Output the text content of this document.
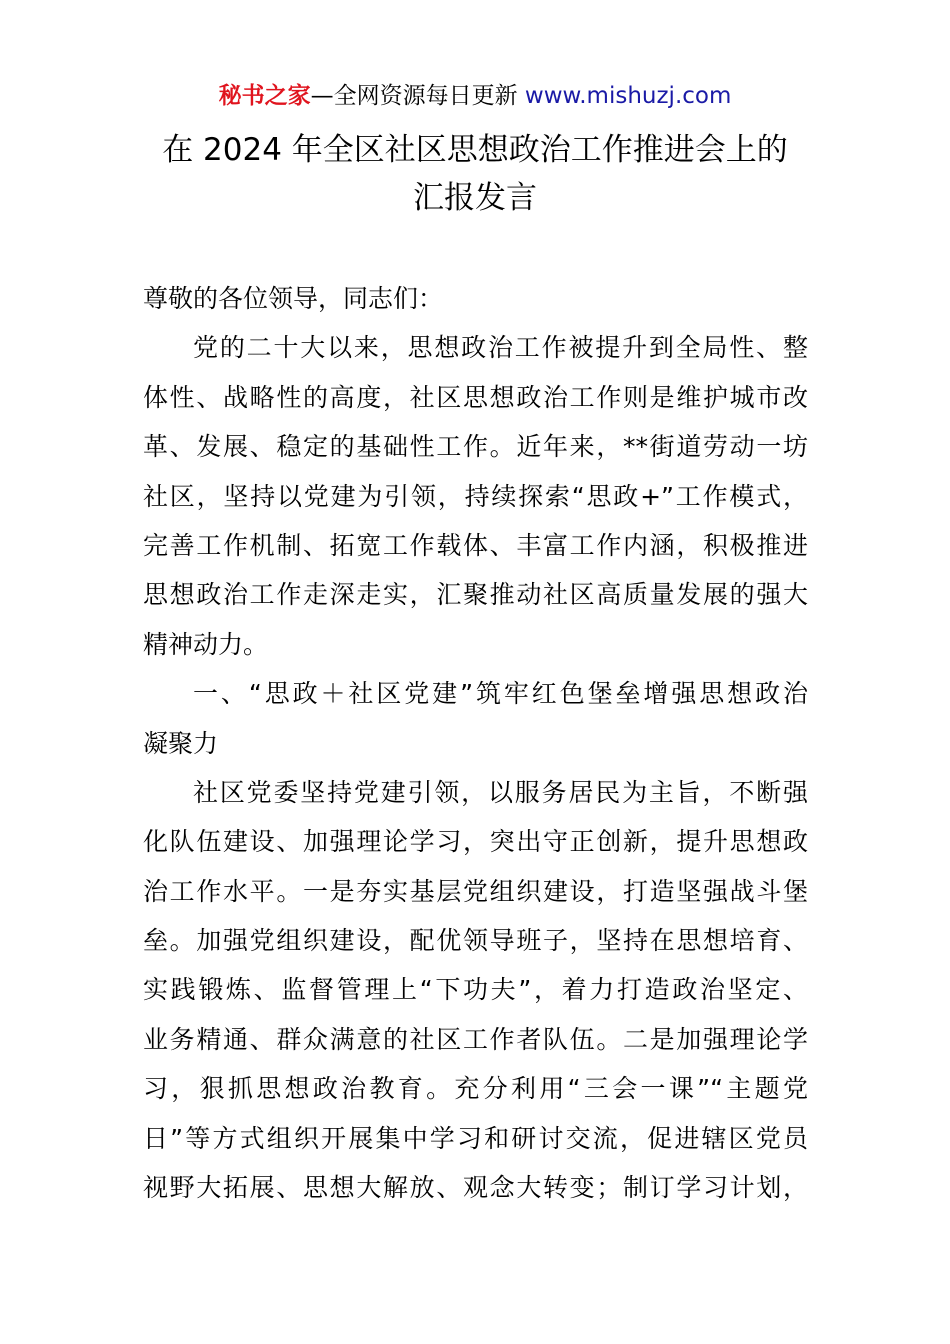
秘书之家—全网资源每日更新 www.mishuzj.com
在 2024 年全区社区思想政治工作推进会上的
汇报发言
尊敬的各位领导，同志们：
党的二十大以来，思想政治工作被提升到全局性、整
体性、战略性的高度，社区思想政治工作则是维护城市改
革、发展、稳定的基础性工作。近年来，**街道劳动一坊
社区，坚持以党建为引领，持续探索“思政+”工作模式，
完善工作机制、拓宽工作载体、丰富工作内涵，积极推进
思想政治工作走深走实，汇聚推动社区高质量发展的强大
精神动力。
一、“思政＋社区党建”筑牢红色堡垒增强思想政治
凝聚力
社区党委坚持党建引领，以服务居民为主旨，不断强
化队伍建设、加强理论学习，突出守正创新，提升思想政
治工作水平。一是夯实基层党组织建设，打造坚强战斗堡
垒。加强党组织建设，配优领导班子，坚持在思想培育、
实践锻炼、监督管理上“下功夫”，着力打造政治坚定、
业务精通、群众满意的社区工作者队伍。二是加强理论学
习，狠抓思想政治教育。充分利用“三会一课”“主题党
日”等方式组织开展集中学习和研讨交流，促进辖区党员
视野大拓展、思想大解放、观念大转变；制订学习计划，
